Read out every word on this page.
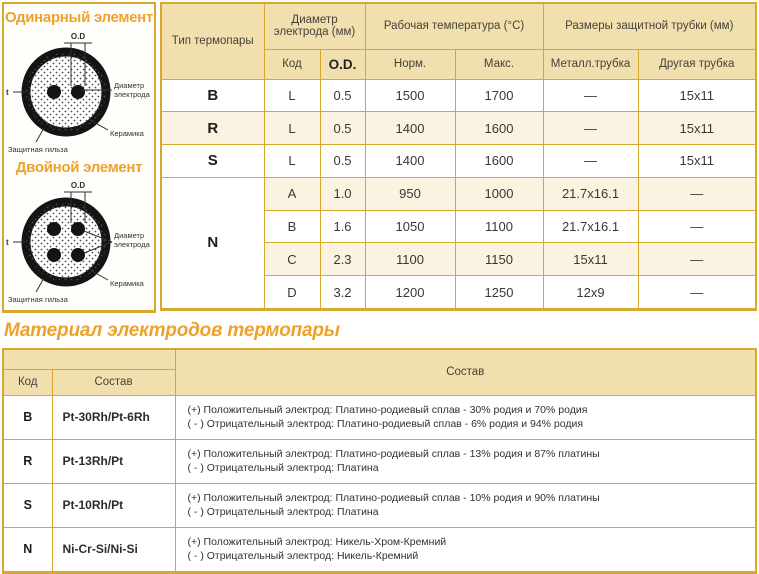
Одинарный элемент
O.D
t
Диаметр
электрода
Керамика
Защитная гильза
Двойной элемент
O.D
t
Диаметр
электрода
Керамика
Защитная гильза
Тип термопары	Диаметр электрода (мм)		Рабочая температура (°C)		Размеры защитной трубки (мм)	
	Код	O.D.	Норм.	Макс.	Металл.трубка	Другая трубка
B	L	0.5	1500	1700	—	15x11
R	L	0.5	1400	1600	—	15x11
S	L	0.5	1400	1600	—	15x11
N	A	1.0	950	1000	21.7x16.1	—
	B	1.6	1050	1100	21.7x16.1	—
	C	2.3	1100	1150	15x11	—
	D	3.2	1200	1250	12x9	—
Материал электродов термопары
		Состав
Код	Состав	
B	Pt-30Rh/Pt-6Rh	(+) Положительный электрод: Платино-родиевый сплав - 30% родия и 70% родия
( - ) Отрицательный электрод: Платино-родиевый сплав - 6% родия и 94% родия

R	Pt-13Rh/Pt	(+) Положительный электрод: Платино-родиевый сплав - 13% родия и 87% платины
( - ) Отрицательный электрод: Платина

S	Pt-10Rh/Pt	(+) Положительный электрод: Платино-родиевый сплав - 10% родия и 90% платины
( - ) Отрицательный электрод: Платина

N	Ni-Cr-Si/Ni-Si	(+) Положительный электрод: Никель-Хром-Кремний
( - ) Отрицательный электрод: Никель-Кремний
